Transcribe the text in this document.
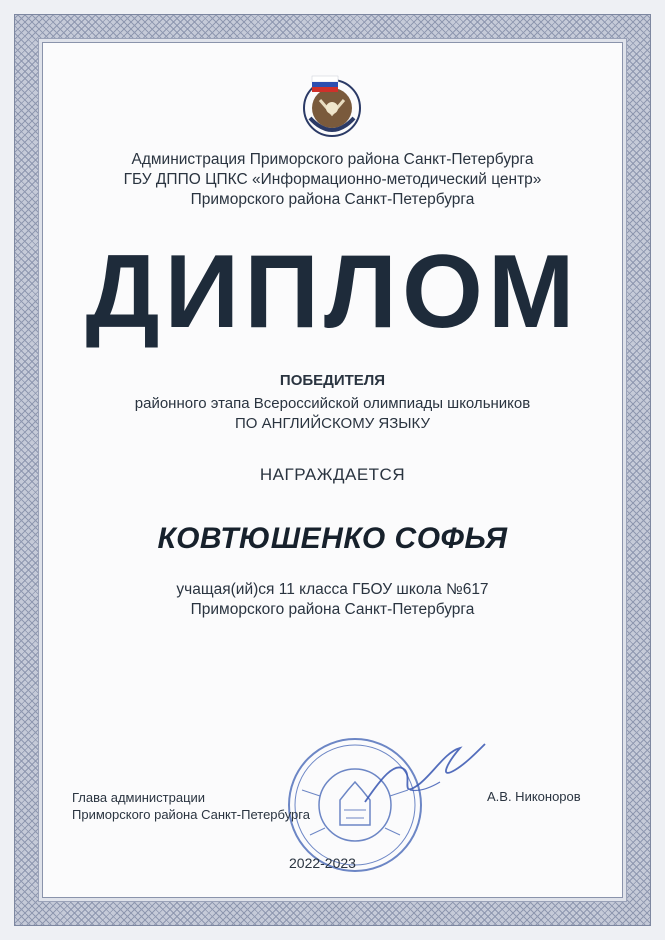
Администрация Приморского района Санкт-Петербурга
ГБУ ДППО ЦПКС «Информационно-методический центр»
Приморского района Санкт-Петербурга
ДИПЛОМ
ПОБЕДИТЕЛЯ
районного этапа Всероссийской олимпиады школьников
ПО АНГЛИЙСКОМУ ЯЗЫКУ
НАГРАЖДАЕТСЯ
КОВТЮШЕНКО СОФЬЯ
учащая(ий)ся 11 класса ГБОУ школа №617
Приморского района Санкт-Петербурга
Глава администрации
Приморского района Санкт-Петербурга
А.В. Никоноров
2022-2023
